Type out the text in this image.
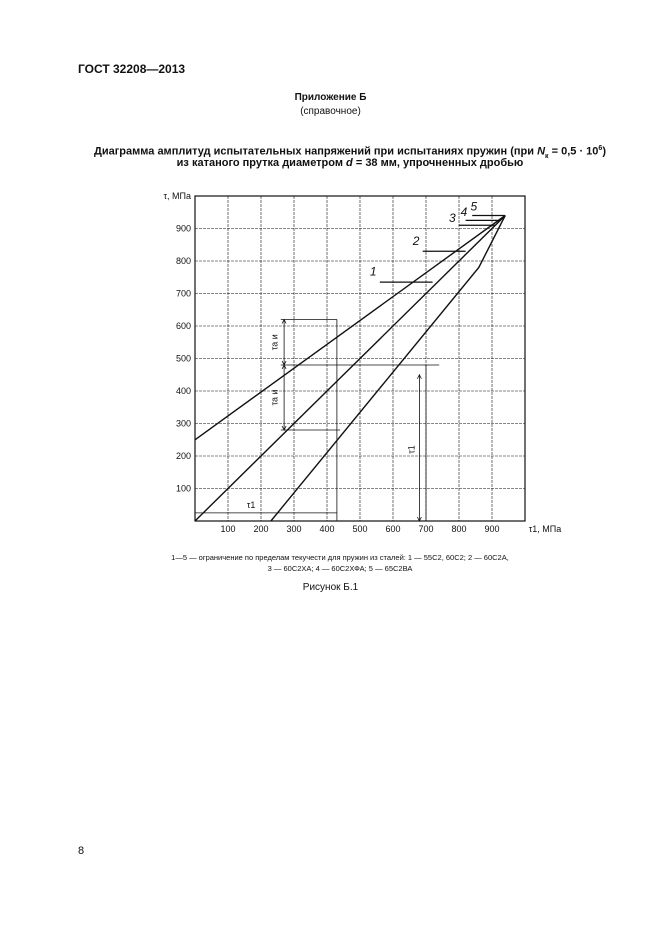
ГОСТ 32208—2013
Приложение Б
(справочное)
Диаграмма амплитуд испытательных напряжений при испытаниях пружин (при $N_к = 0,5 \cdot 10^6$)
из катаного прутка диаметром d = 38 мм, упрочненных дробью
100 200 300 400 500 600 700 800 900
100
200
300
400
500
600
700
800
900
τ1, МПа
τ, МПа
1
2
3 4 5
τа и
τа и
τ1
τ1
1—5 — ограничение по пределам текучести для пружин из сталей: 1 — 55С2, 60С2; 2 — 60С2А,
3 — 60С2ХА; 4 — 60С2ХФА; 5 — 65С2ВА
Рисунок Б.1
8
